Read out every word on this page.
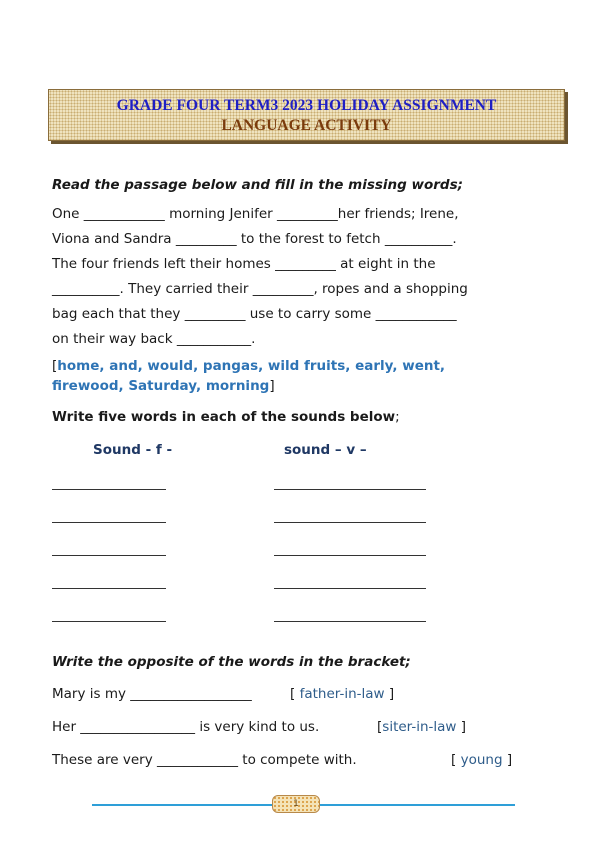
GRADE FOUR TERM3 2023 HOLIDAY ASSIGNMENT
LANGUAGE ACTIVITY
Read the passage below and fill in the missing words;
One ____________ morning Jenifer _________her friends; Irene,
Viona and Sandra _________ to the forest to fetch __________.
The four friends left their homes _________ at eight in the
__________. They carried their _________, ropes and a shopping
bag each that they _________ use to carry some ____________
on their way back ___________.
[home, and, would, pangas, wild fruits, early, went,
firewood, Saturday, morning]
Write five words in each of the sounds below;
Sound - f -	sound – v –
Write the opposite of the words in the bracket;
Mary is my __________________	[ father-in-law ]
Her _________________ is very kind to us.	[siter-in-law ]
These are very ____________ to compete with.	[ young ]
1
